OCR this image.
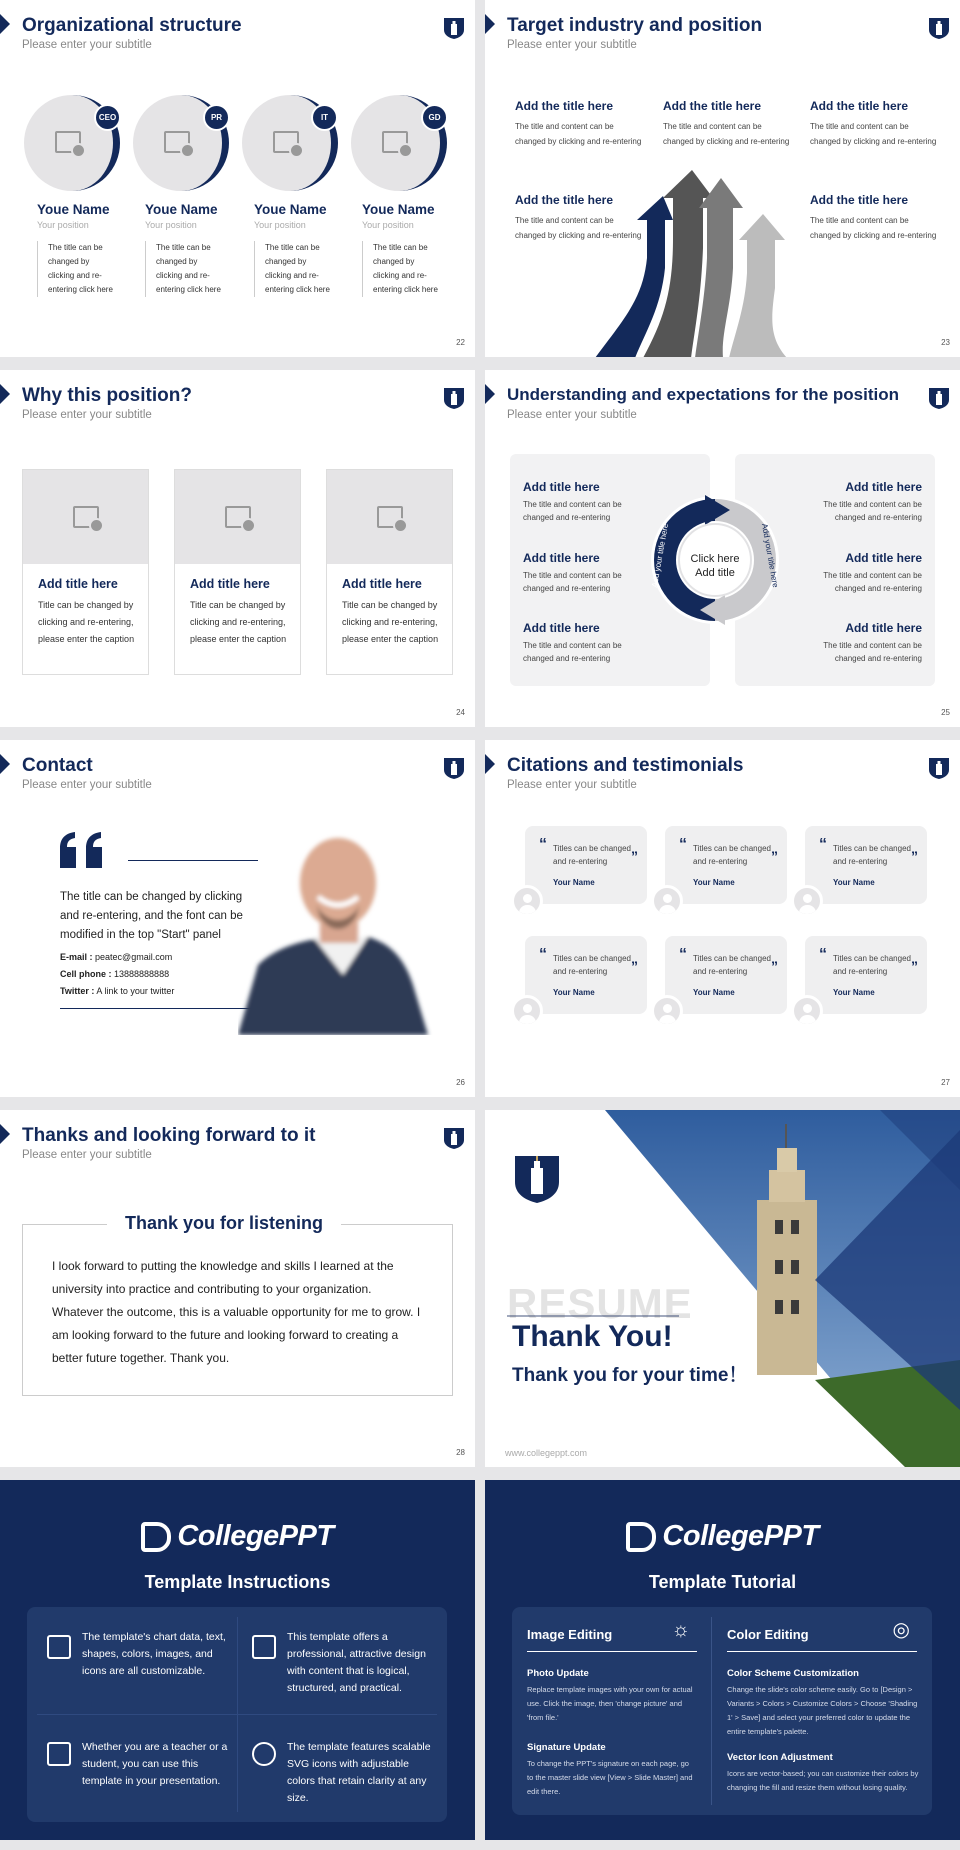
Organizational structure
Please enter your subtitle
CEO
Youe Name
Your position
The title can be changed by clicking and re-entering click here
PR
Youe Name
Your position
The title can be changed by clicking and re-entering click here
IT
Youe Name
Your position
The title can be changed by clicking and re-entering click here
GD
Youe Name
Your position
The title can be changed by clicking and re-entering click here
22
Target industry and position
Please enter your subtitle
Add the title here

The title and content can be changed by clicking and re-entering

Add the title here

The title and content can be changed by clicking and re-entering

Add the title here

The title and content can be changed by clicking and re-entering

Add the title here

The title and content can be changed by clicking and re-entering

Add the title here

The title and content can be changed by clicking and re-entering

23
Why this position?
Please enter your subtitle
Add title here

Title can be changed by clicking and re-entering, please enter the caption

Add title here

Title can be changed by clicking and re-entering, please enter the caption

Add title here

Title can be changed by clicking and re-entering, please enter the caption

24
Understanding and expectations for the position
Please enter your subtitle
Add title here

The title and content can be changed and re-entering

Add title here

The title and content can be changed and re-entering

Add title here

The title and content can be changed and re-entering

Add title here

The title and content can be changed and re-entering

Add title here

The title and content can be changed and re-entering

Add title here

The title and content can be changed and re-entering

Click here Add title
Add your title here	Add your title here
25
Contact
Please enter your subtitle
The title can be changed by clicking and re-entering, and the font can be modified in the top "Start" panel
E-mail : peatec@gmail.com
Cell phone : 13888888888
Twitter : A link to your twitter
26
Citations and testimonials
Please enter your subtitle
“ Titles can be changed and re-entering	”
Your Name
“ Titles can be changed and re-entering	”
Your Name
“ Titles can be changed and re-entering	”
Your Name
“ Titles can be changed and re-entering	”
Your Name
“ Titles can be changed and re-entering	”
Your Name
“ Titles can be changed and re-entering	”
Your Name
27
Thanks and looking forward to it
Please enter your subtitle
Thank you for listening
I look forward to putting the knowledge and skills I learned at the university into practice and contributing to your organization. Whatever the outcome, this is a valuable opportunity for me to grow. I am looking forward to the future and looking forward to creating a better future together. Thank you.
28
RESUME
Thank You!
Thank you for your time！
www.collegeppt.com
CollegePPT
Template Instructions
The template's chart data, text, shapes, colors, images, and icons are all customizable.
This template offers a professional, attractive design with content that is logical, structured, and practical.
Whether you are a teacher or a student, you can use this template in your presentation.
The template features scalable SVG icons with adjustable colors that retain clarity at any size.
CollegePPT
Template Tutorial
Image Editing	☼
Photo Update

Replace template images with your own for actual use. Click the image, then 'change picture' and 'from file.'

Signature Update

To change the PPT's signature on each page, go to the master slide view [View > Slide Master] and edit there.

Color Editing	◎
Color Scheme Customization

Change the slide's color scheme easily. Go to [Design > Variants > Colors > Customize Colors > Choose 'Shading 1' > Save] and select your preferred color to update the entire template's palette.

Vector Icon Adjustment

Icons are vector-based; you can customize their colors by changing the fill and resize them without losing quality.
